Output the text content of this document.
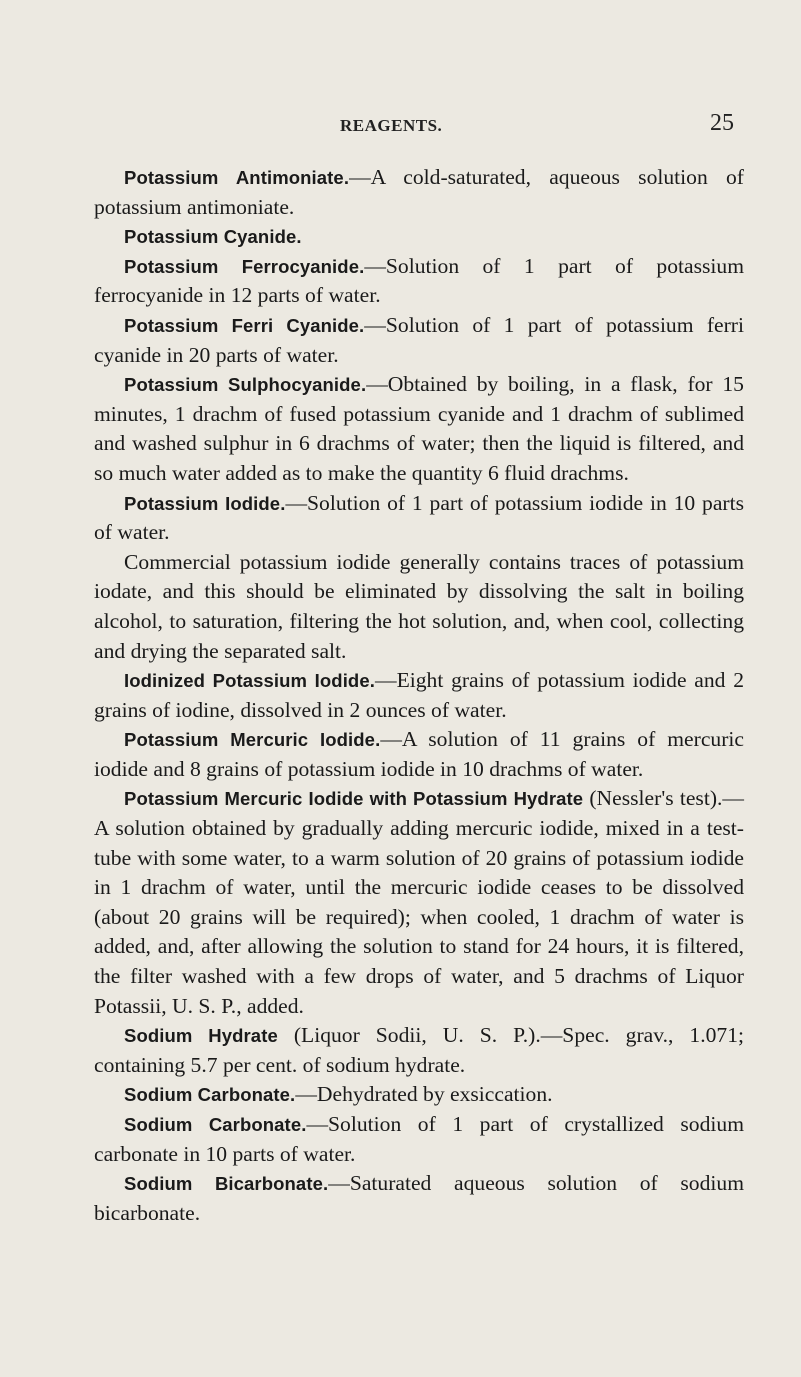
REAGENTS.	25

Potassium Antimoniate.—A cold-saturated, aqueous solution of potassium antimoniate.

Potassium Cyanide.

Potassium Ferrocyanide.—Solution of 1 part of potassium ferrocyanide in 12 parts of water.

Potassium Ferri Cyanide.—Solution of 1 part of potassium ferri cyanide in 20 parts of water.

Potassium Sulphocyanide.—Obtained by boiling, in a flask, for 15 minutes, 1 drachm of fused potassium cyanide and 1 drachm of sublimed and washed sulphur in 6 drachms of water; then the liquid is filtered, and so much water added as to make the quantity 6 fluid drachms.

Potassium Iodide.—Solution of 1 part of potassium iodide in 10 parts of water.

Commercial potassium iodide generally contains traces of potassium iodate, and this should be eliminated by dissolving the salt in boiling alcohol, to saturation, filtering the hot solution, and, when cool, collecting and drying the separated salt.

Iodinized Potassium Iodide.—Eight grains of potassium iodide and 2 grains of iodine, dissolved in 2 ounces of water.

Potassium Mercuric Iodide.—A solution of 11 grains of mercuric iodide and 8 grains of potassium iodide in 10 drachms of water.

Potassium Mercuric Iodide with Potassium Hydrate (Nessler's test).—A solution obtained by gradually adding mercuric iodide, mixed in a test-tube with some water, to a warm solution of 20 grains of potassium iodide in 1 drachm of water, until the mercuric iodide ceases to be dissolved (about 20 grains will be required); when cooled, 1 drachm of water is added, and, after allowing the solution to stand for 24 hours, it is filtered, the filter washed with a few drops of water, and 5 drachms of Liquor Potassii, U. S. P., added.

Sodium Hydrate (Liquor Sodii, U. S. P.).—Spec. grav., 1.071; containing 5.7 per cent. of sodium hydrate.

Sodium Carbonate.—Dehydrated by exsiccation.

Sodium Carbonate.—Solution of 1 part of crystallized sodium carbonate in 10 parts of water.

Sodium Bicarbonate.—Saturated aqueous solution of sodium bicarbonate.
